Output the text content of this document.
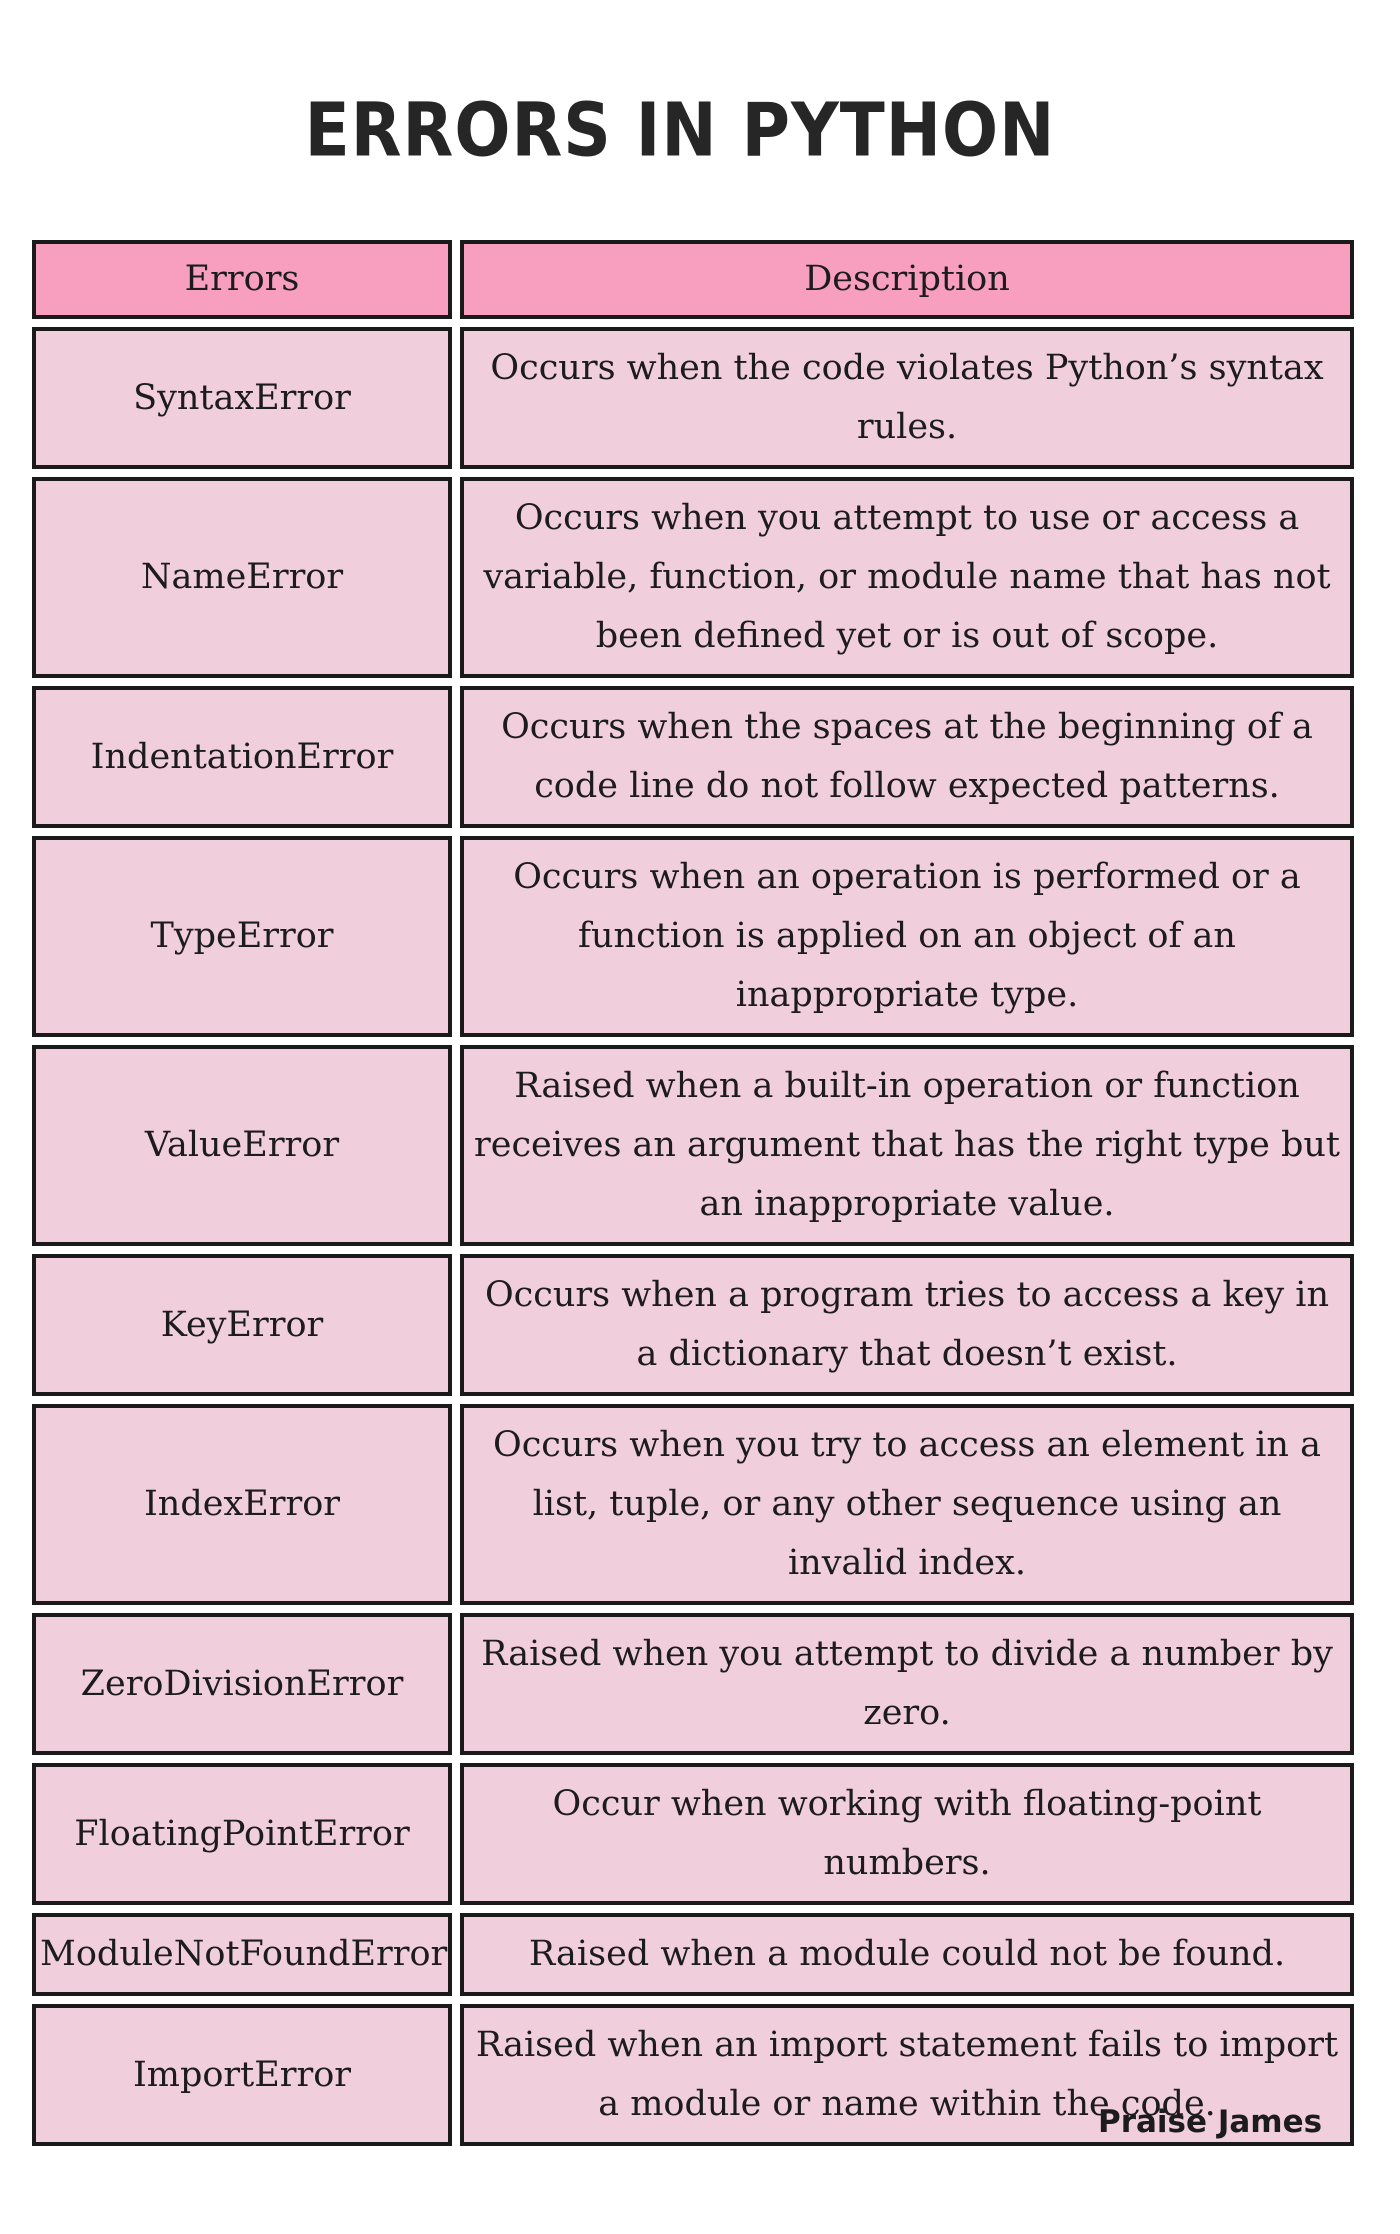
ERRORS IN PYTHON
Errors	Description
SyntaxError	Occurs when the code violates Python’s syntax rules.
NameError	Occurs when you attempt to use or access a variable, function, or module name that has not been defined yet or is out of scope.
IndentationError	Occurs when the spaces at the beginning of a code line do not follow expected patterns.
TypeError	Occurs when an operation is performed or a function is applied on an object of an inappropriate type.
ValueError	Raised when a built-in operation or function receives an argument that has the right type but an inappropriate value.
KeyError	Occurs when a program tries to access a key in a dictionary that doesn’t exist.
IndexError	Occurs when you try to access an element in a list, tuple, or any other sequence using an invalid index.
ZeroDivisionError	Raised when you attempt to divide a number by zero.
FloatingPointError	Occur when working with floating-point numbers.
ModuleNotFoundError	Raised when a module could not be found.
ImportError	Raised when an import statement fails to import a module or name within the code.
Praise James
